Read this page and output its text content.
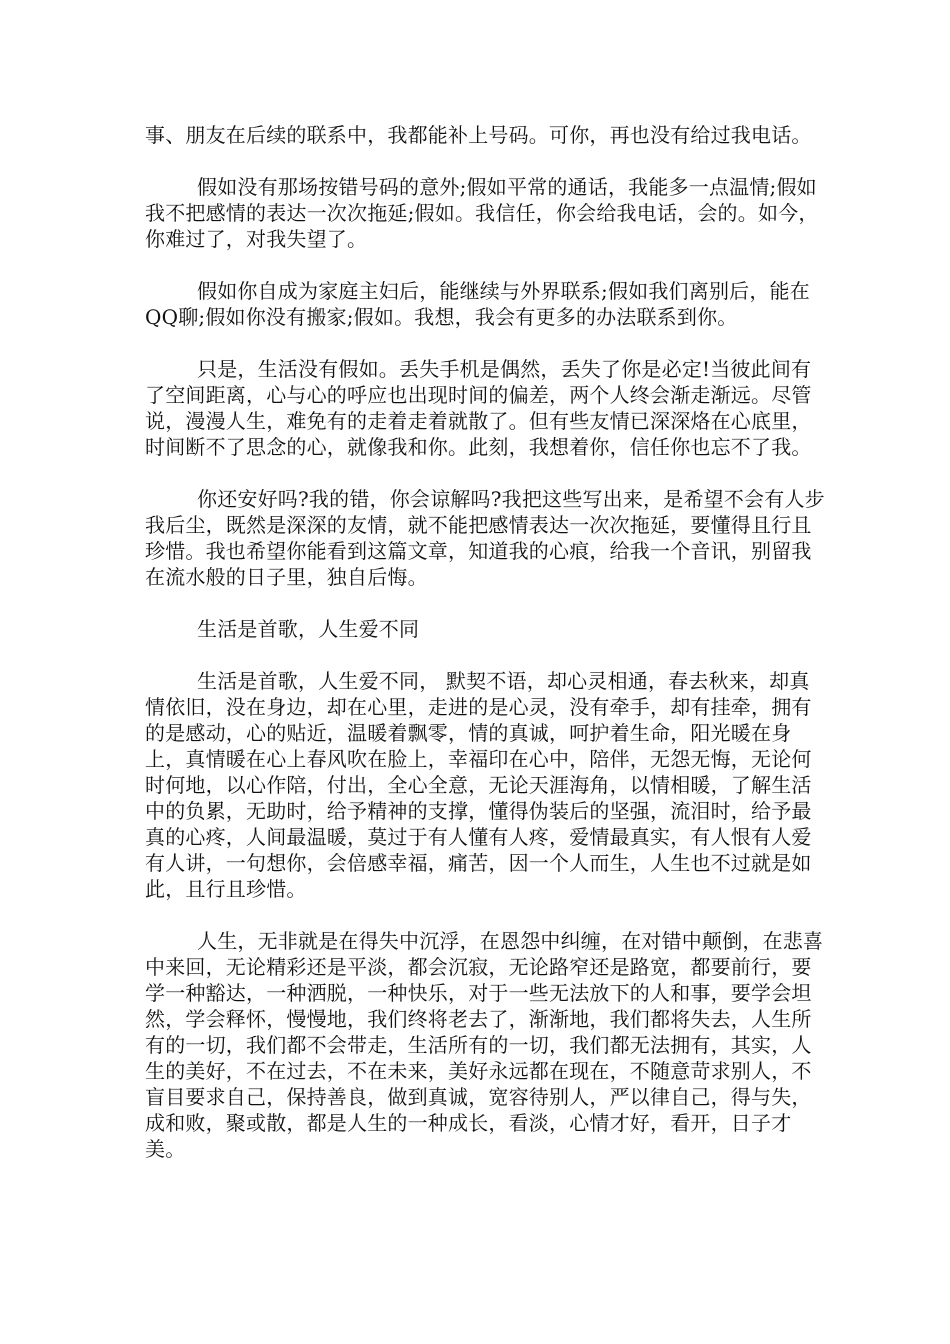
事、朋友在后续的联系中，我都能补上号码。可你，再也没有给过我电话。

假如没有那场按错号码的意外;假如平常的通话，我能多一点温情;假如我不把感情的表达一次次拖延;假如。我信任，你会给我电话，会的。如今，你难过了，对我失望了。

假如你自成为家庭主妇后，能继续与外界联系;假如我们离别后，能在QQ聊;假如你没有搬家;假如。我想，我会有更多的办法联系到你。

只是，生活没有假如。丢失手机是偶然，丢失了你是必定!当彼此间有了空间距离，心与心的呼应也出现时间的偏差，两个人终会渐走渐远。尽管说，漫漫人生，难免有的走着走着就散了。但有些友情已深深烙在心底里，时间断不了思念的心，就像我和你。此刻，我想着你，信任你也忘不了我。

你还安好吗?我的错，你会谅解吗?我把这些写出来，是希望不会有人步我后尘，既然是深深的友情，就不能把感情表达一次次拖延，要懂得且行且珍惜。我也希望你能看到这篇文章，知道我的心痕，给我一个音讯，别留我在流水般的日子里，独自后悔。

生活是首歌，人生爱不同

生活是首歌，人生爱不同， 默契不语，却心灵相通，春去秋来，却真情依旧，没在身边，却在心里，走进的是心灵，没有牵手，却有挂牵，拥有的是感动，心的贴近，温暖着飘零，情的真诚，呵护着生命，阳光暖在身上，真情暖在心上春风吹在脸上，幸福印在心中，陪伴，无怨无悔，无论何时何地，以心作陪，付出，全心全意，无论天涯海角，以情相暖，了解生活中的负累，无助时，给予精神的支撑，懂得伪装后的坚强，流泪时，给予最真的心疼，人间最温暖，莫过于有人懂有人疼，爱情最真实，有人恨有人爱有人讲，一句想你，会倍感幸福，痛苦，因一个人而生，人生也不过就是如此，且行且珍惜。

人生，无非就是在得失中沉浮，在恩怨中纠缠，在对错中颠倒，在悲喜中来回，无论精彩还是平淡，都会沉寂，无论路窄还是路宽，都要前行，要学一种豁达，一种洒脱，一种快乐，对于一些无法放下的人和事，要学会坦然，学会释怀，慢慢地，我们终将老去了，渐渐地，我们都将失去，人生所有的一切，我们都不会带走，生活所有的一切，我们都无法拥有，其实，人生的美好，不在过去，不在未来，美好永远都在现在，不随意苛求别人，不盲目要求自己，保持善良，做到真诚，宽容待别人，严以律自己，得与失，成和败，聚或散，都是人生的一种成长，看淡，心情才好，看开，日子才美。
